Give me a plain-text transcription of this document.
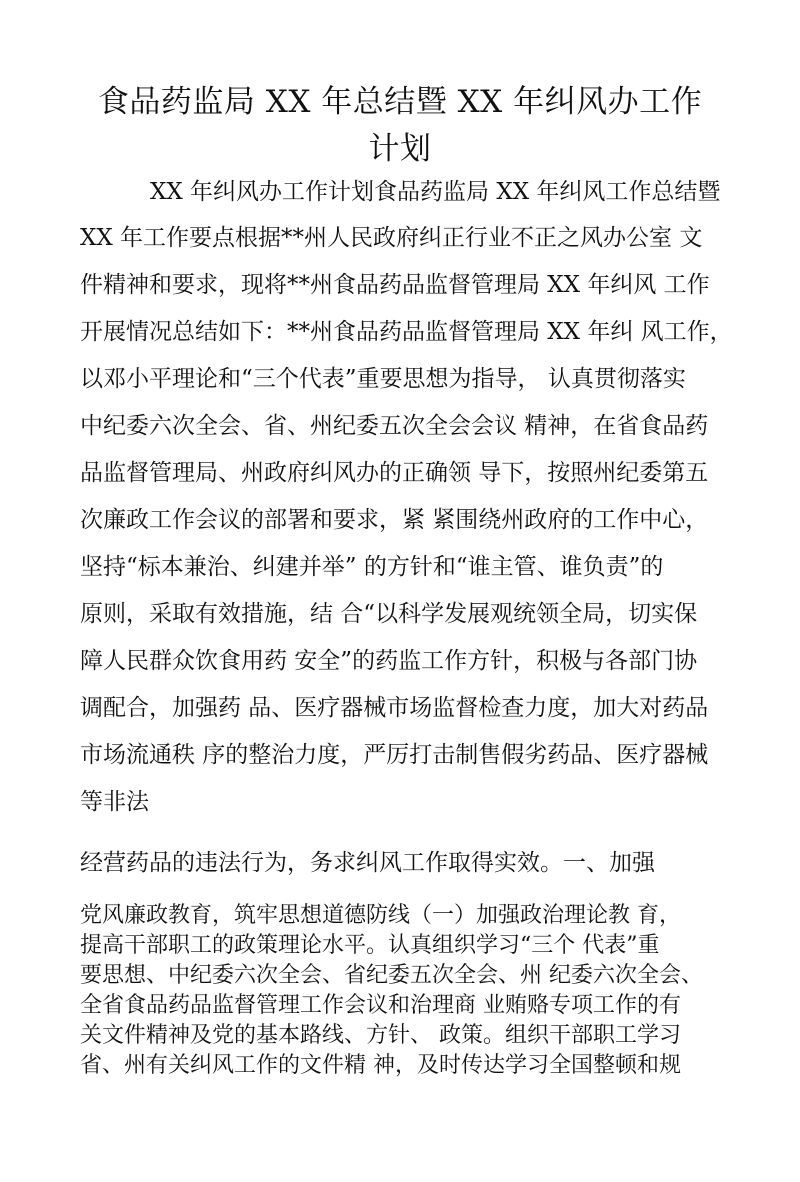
食品药监局 XX 年总结暨 XX 年纠风办工作
计划
XX 年纠风办工作计划食品药监局 XX 年纠风工作总结暨
XX 年工作要点根据**州人民政府纠正行业不正之风办公室 文
件精神和要求，现将**州食品药品监督管理局 XX 年纠风 工作
开展情况总结如下：**州食品药品监督管理局 XX 年纠 风工作，
以邓小平理论和“三个代表”重要思想为指导， 认真贯彻落实
中纪委六次全会、省、州纪委五次全会会议 精神，在省食品药
品监督管理局、州政府纠风办的正确领 导下，按照州纪委第五
次廉政工作会议的部署和要求，紧 紧围绕州政府的工作中心，
坚持“标本兼治、纠建并举” 的方针和“谁主管、谁负责”的
原则，采取有效措施，结 合“以科学发展观统领全局，切实保
障人民群众饮食用药 安全”的药监工作方针，积极与各部门协
调配合，加强药 品、医疗器械市场监督检查力度，加大对药品
市场流通秩 序的整治力度，严厉打击制售假劣药品、医疗器械
等非法
经营药品的违法行为，务求纠风工作取得实效。一、加强
党风廉政教育，筑牢思想道德防线（一）加强政治理论教 育，
提高干部职工的政策理论水平。认真组织学习“三个 代表”重
要思想、中纪委六次全会、省纪委五次全会、州 纪委六次全会、
全省食品药品监督管理工作会议和治理商 业贿赂专项工作的有
关文件精神及党的基本路线、方针、 政策。组织干部职工学习
省、州有关纠风工作的文件精 神，及时传达学习全国整顿和规
